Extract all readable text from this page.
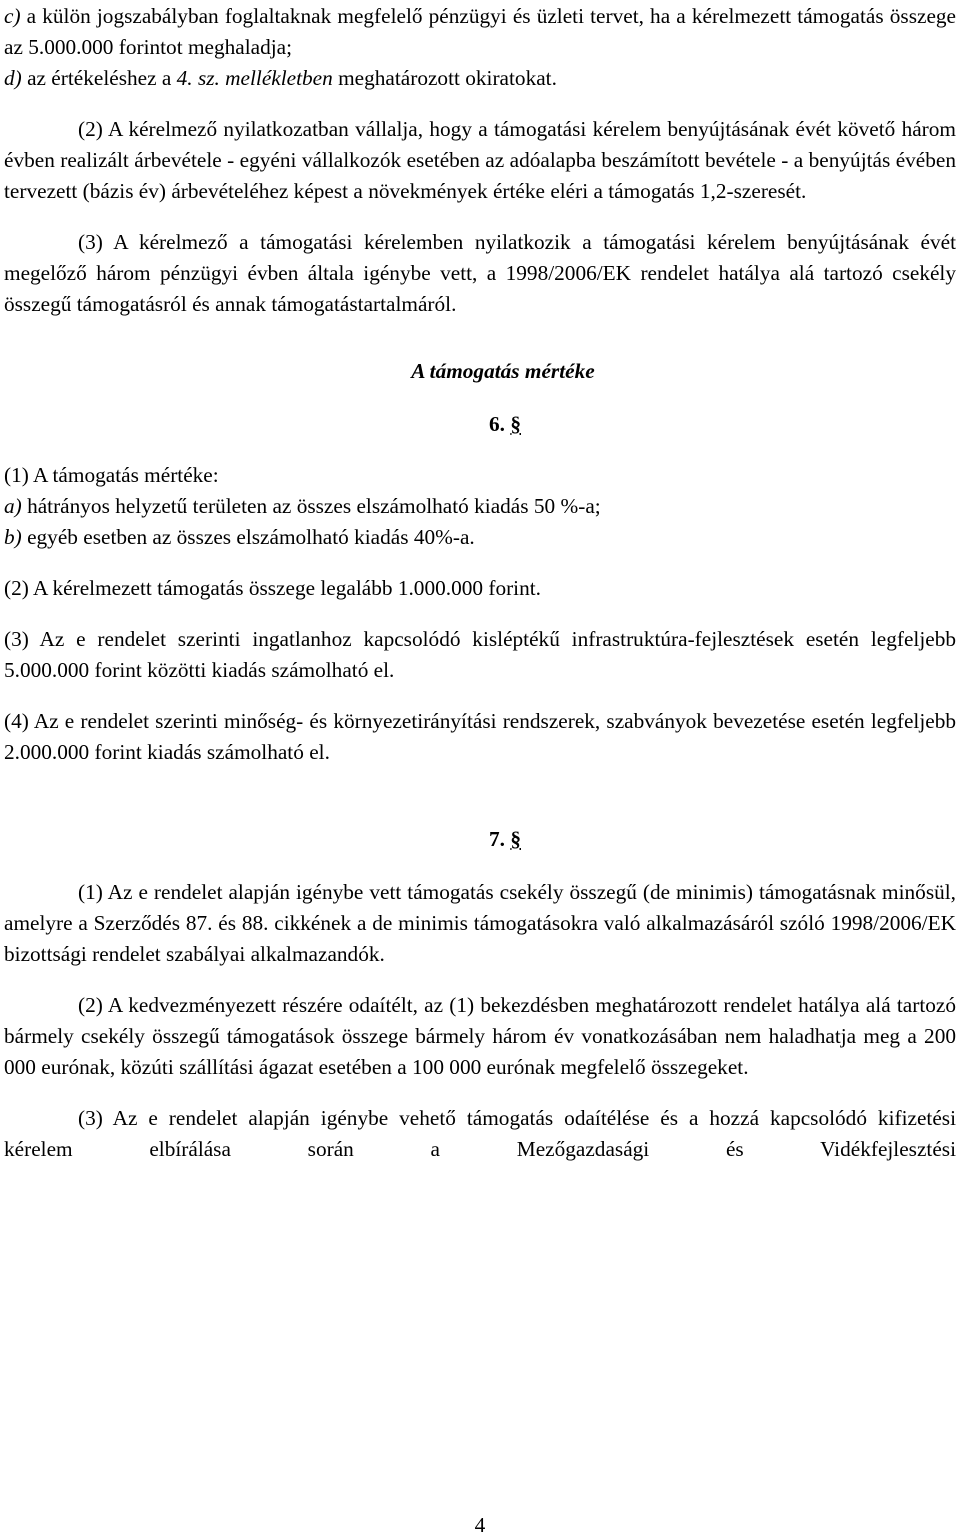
c) a külön jogszabályban foglaltaknak megfelelő pénzügyi és üzleti tervet, ha a kérelmezett támogatás összege az 5.000.000 forintot meghaladja;

d) az értékeléshez a 4. sz. mellékletben meghatározott okiratokat.

(2) A kérelmező nyilatkozatban vállalja, hogy a támogatási kérelem benyújtásának évét követő három évben realizált árbevétele - egyéni vállalkozók esetében az adóalapba beszámított bevétele - a benyújtás évében tervezett (bázis év) árbevételéhez képest a növekmények értéke eléri a támogatás 1,2-szeresét.

(3) A kérelmező a támogatási kérelemben nyilatkozik a támogatási kérelem benyújtásának évét megelőző három pénzügyi évben általa igénybe vett, a 1998/2006/EK rendelet hatálya alá tartozó csekély összegű támogatásról és annak támogatástartalmáról.

A támogatás mértéke

6. §

(1) A támogatás mértéke:

a) hátrányos helyzetű területen az összes elszámolható kiadás 50 %-a;

b) egyéb esetben az összes elszámolható kiadás 40%-a.

(2) A kérelmezett támogatás összege legalább 1.000.000 forint.

(3) Az e rendelet szerinti ingatlanhoz kapcsolódó kisléptékű infrastruktúra-fejlesztések esetén legfeljebb 5.000.000 forint közötti kiadás számolható el.

(4) Az e rendelet szerinti minőség- és környezetirányítási rendszerek, szabványok bevezetése esetén legfeljebb 2.000.000 forint kiadás számolható el.

7. §

(1) Az e rendelet alapján igénybe vett támogatás csekély összegű (de minimis) támogatásnak minősül, amelyre a Szerződés 87. és 88. cikkének a de minimis támogatásokra való alkalmazásáról szóló 1998/2006/EK bizottsági rendelet szabályai alkalmazandók.

(2) A kedvezményezett részére odaítélt, az (1) bekezdésben meghatározott rendelet hatálya alá tartozó bármely csekély összegű támogatások összege bármely három év vonatkozásában nem haladhatja meg a 200 000 eurónak, közúti szállítási ágazat esetében a 100 000 eurónak megfelelő összegeket.

(3) Az e rendelet alapján igénybe vehető támogatás odaítélése és a hozzá kapcsolódó kifizetési kérelem elbírálása során a Mezőgazdasági és Vidékfejlesztési

4
